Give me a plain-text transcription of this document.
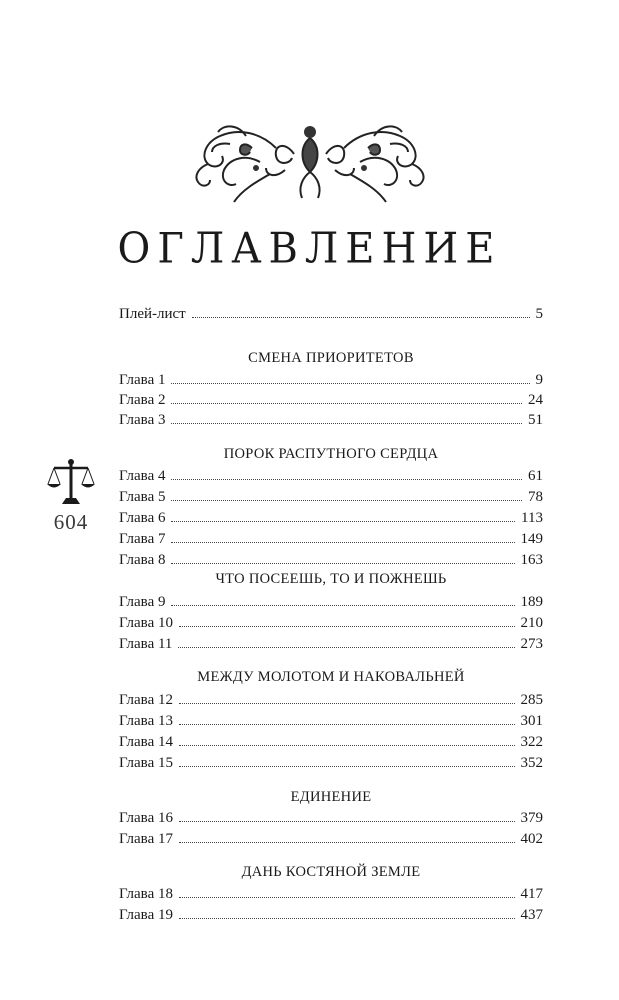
ОГЛАВЛЕНИЕ
604
Плей-лист	5
СМЕНА ПРИОРИТЕТОВ
Глава 1	9
Глава 2	24
Глава 3	51
ПОРОК РАСПУТНОГО СЕРДЦА
Глава 4	61
Глава 5	78
Глава 6	113
Глава 7	149
Глава 8	163
ЧТО ПОСЕЕШЬ, ТО И ПОЖНЕШЬ
Глава 9	189
Глава 10	210
Глава 11	273
МЕЖДУ МОЛОТОМ И НАКОВАЛЬНЕЙ
Глава 12	285
Глава 13	301
Глава 14	322
Глава 15	352
ЕДИНЕНИЕ
Глава 16	379
Глава 17	402
ДАНЬ КОСТЯНОЙ ЗЕМЛЕ
Глава 18	417
Глава 19	437
